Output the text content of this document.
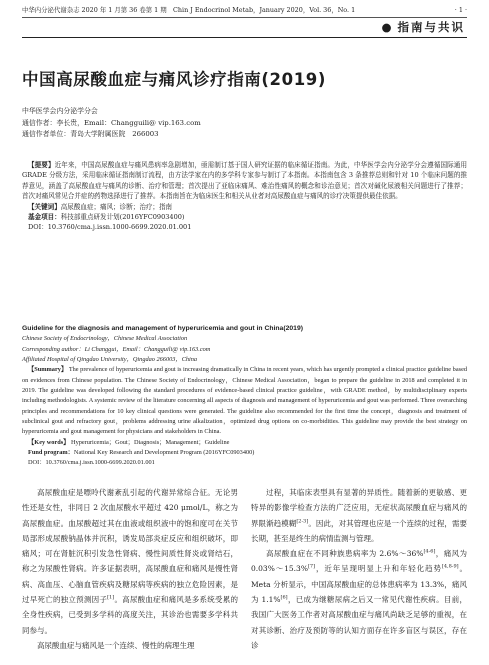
中华内分泌代谢杂志 2020 年 1 月第 36 卷第 1 期　Chin J Endocrinol Metab，January 2020，Vol. 36，No. 1	· 1 ·
● 指南与共识
中国高尿酸血症与痛风诊疗指南(2019)
中华医学会内分泌学分会
通信作者：李长贵，Email：Changguili@ vip.163.com
通信作者单位：青岛大学附属医院　266003

【提要】近年来，中国高尿酸血症与痛风患病率急剧增加，亟需制订基于国人研究证据的临床循证指南。为此，中华医学会内分泌学分会遵循国际通用 GRADE 分级方法，采用临床循证指南制订流程，由方法学家在内的多学科专家参与制订了本指南。本指南包含 3 条推荐总则和针对 10 个临床问题的推荐意见，涵盖了高尿酸血症与痛风的诊断、治疗和管理；首次提出了亚临床痛风、难治性痛风的概念和诊治意见；首次对碱化尿液相关问题进行了推荐；首次对痛风常见合并症的药物选择进行了推荐。本指南旨在为临床医生和相关从业者对高尿酸血症与痛风的诊疗决策提供最佳依据。

【关键词】高尿酸血症；痛风；诊断；治疗；指南

基金项目：科技部重点研发计划(2016YFC0903400)

DOI：10.3760/cma.j.issn.1000-6699.2020.01.001

Guideline for the diagnosis and management of hyperuricemia and gout in China(2019)

Chinese Society of Endocrinology，Chinese Medical Association

Corresponding author：Li Changgui，Email：Changguili@ vip.163.com

Affiliated Hospital of Qingdao University，Qingdao 266003，China

【Summary】 The prevalence of hyperuricemia and gout is increasing dramatically in China in recent years, which has urgently prompted a clinical practice guideline based on evidences from Chinese population. The Chinese Society of Endocrinology，Chinese Medical Association，began to prepare the guideline in 2018 and completed it in 2019. The guideline was developed following the standard procedures of evidence-based clinical practice guideline，with GRADE method，by multidisciplinary experts including methodologists. A systemic review of the literature concerning all aspects of diagnosis and management of hyperuricemia and gout was performed. Three overarching principles and recommendations for 10 key clinical questions were generated. The guideline also recommended for the first time the concept，diagnosis and treatment of subclinical gout and refractory gout，problems addressing urine alkalization，optimized drug options on co-morbidities. This guideline may provide the best strategy on hyperuricemia and gout management for physicians and stakeholders in China.

【Key words】 Hyperuricemia；Gout；Diagnosis；Management；Guideline

Fund program：National Key Research and Development Program (2016YFC0903400)

DOI：10.3760/cma.j.issn.1000-6699.2020.01.001

高尿酸血症是嘌呤代谢紊乱引起的代谢异常综合征。无论男性还是女性，非同日 2 次血尿酸水平超过 420 μmol/L，称之为高尿酸血症。血尿酸超过其在血液或组织液中的饱和度可在关节局部形成尿酸钠晶体并沉积，诱发局部炎症反应和组织破坏，即痛风；可在肾脏沉积引发急性肾病、慢性间质性肾炎或肾结石，称之为尿酸性肾病。许多证据表明，高尿酸血症和痛风是慢性肾病、高血压、心脑血管疾病及糖尿病等疾病的独立危险因素，是过早死亡的独立预测因子[1]。高尿酸血症和痛风是多系统受累的全身性疾病，已受到多学科的高度关注，其诊治也需要多学科共同参与。

高尿酸血症与痛风是一个连续、慢性的病理生理

过程，其临床表型具有显著的异质性。随着新的更敏感、更特异的影像学检查方法的广泛应用，无症状高尿酸血症与痛风的界限渐趋模糊[2-3]。因此，对其管理也应是一个连续的过程，需要长期，甚至是终生的病情监测与管理。

高尿酸血症在不同种族患病率为 2.6%～36%[4-6]，痛风为 0.03%～15.3%[7]，近年呈现明显上升和年轻化趋势[4,8-9]。Meta 分析显示，中国高尿酸血症的总体患病率为 13.3%，痛风为 1.1%[6]，已成为继糖尿病之后又一常见代谢性疾病。目前，我国广大医务工作者对高尿酸血症与痛风尚缺乏足够的重视，在对其诊断、治疗及预防等的认知方面存在许多盲区与误区，存在诊
